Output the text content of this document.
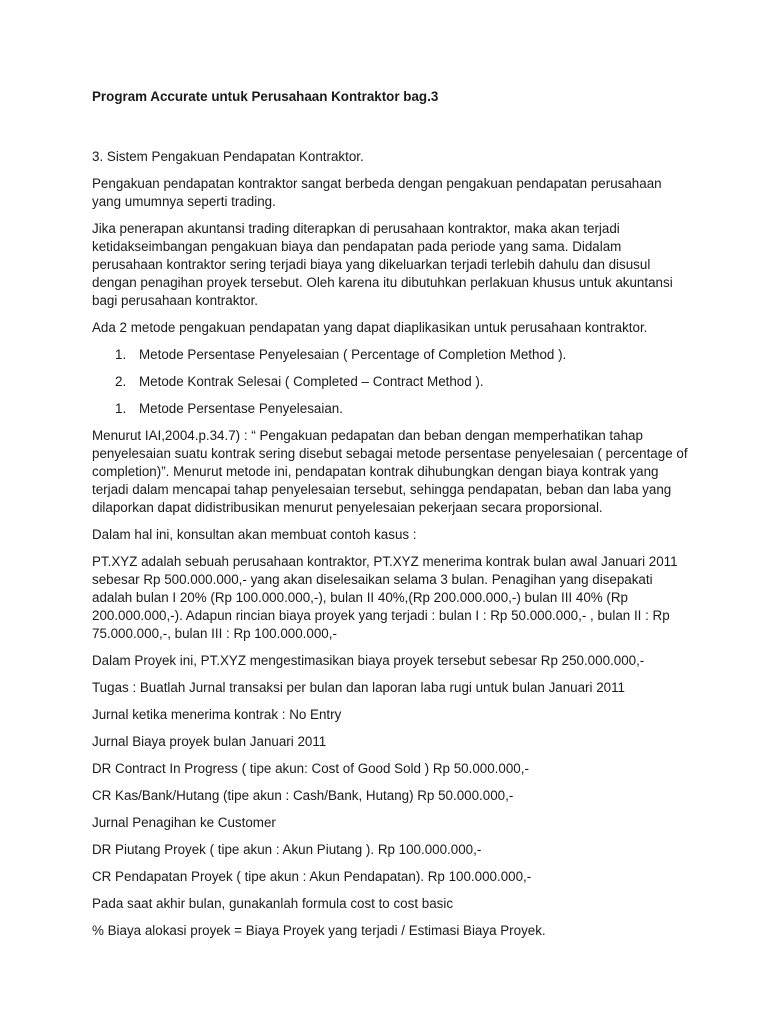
Program Accurate untuk Perusahaan Kontraktor bag.3

3. Sistem Pengakuan Pendapatan Kontraktor.

Pengakuan pendapatan kontraktor sangat berbeda dengan pengakuan pendapatan perusahaan yang umumnya seperti trading.

Jika penerapan akuntansi trading diterapkan di perusahaan kontraktor, maka akan terjadi ketidakseimbangan pengakuan biaya dan pendapatan pada periode yang sama. Didalam perusahaan kontraktor sering terjadi biaya yang dikeluarkan terjadi terlebih dahulu dan disusul dengan penagihan proyek tersebut. Oleh karena itu dibutuhkan perlakuan khusus untuk akuntansi bagi perusahaan kontraktor.

Ada 2 metode pengakuan pendapatan yang dapat diaplikasikan untuk perusahaan kontraktor.

1. Metode Persentase Penyelesaian ( Percentage of Completion Method ).
2. Metode Kontrak Selesai ( Completed – Contract Method ).
1. Metode Persentase Penyelesaian.

Menurut IAI,2004.p.34.7) : “ Pengakuan pedapatan dan beban dengan memperhatikan tahap penyelesaian suatu kontrak sering disebut sebagai metode persentase penyelesaian ( percentage of completion)”. Menurut metode ini, pendapatan kontrak dihubungkan dengan biaya kontrak yang terjadi dalam mencapai tahap penyelesaian tersebut, sehingga pendapatan, beban dan laba yang dilaporkan dapat didistribusikan menurut penyelesaian pekerjaan secara proporsional.

Dalam hal ini, konsultan akan membuat contoh kasus :

PT.XYZ adalah sebuah perusahaan kontraktor, PT.XYZ menerima kontrak bulan awal Januari 2011 sebesar Rp 500.000.000,- yang akan diselesaikan selama 3 bulan. Penagihan yang disepakati adalah bulan I 20% (Rp 100.000.000,-), bulan II 40%,(Rp 200.000.000,-) bulan III 40% (Rp 200.000.000,-). Adapun rincian biaya proyek yang terjadi : bulan I : Rp 50.000.000,- , bulan II : Rp 75.000.000,-, bulan III : Rp 100.000.000,-

Dalam Proyek ini, PT.XYZ mengestimasikan biaya proyek tersebut sebesar Rp 250.000.000,-

Tugas : Buatlah Jurnal transaksi per bulan dan laporan laba rugi untuk bulan Januari 2011

Jurnal ketika menerima kontrak : No Entry

Jurnal Biaya proyek bulan Januari 2011

DR Contract In Progress ( tipe akun: Cost of Good Sold ) Rp 50.000.000,-

CR Kas/Bank/Hutang (tipe akun : Cash/Bank, Hutang) Rp 50.000.000,-

Jurnal Penagihan ke Customer

DR Piutang Proyek ( tipe akun : Akun Piutang ). Rp 100.000.000,-

CR Pendapatan Proyek ( tipe akun : Akun Pendapatan). Rp 100.000.000,-

Pada saat akhir bulan, gunakanlah formula cost to cost basic

% Biaya alokasi proyek = Biaya Proyek yang terjadi / Estimasi Biaya Proyek.
